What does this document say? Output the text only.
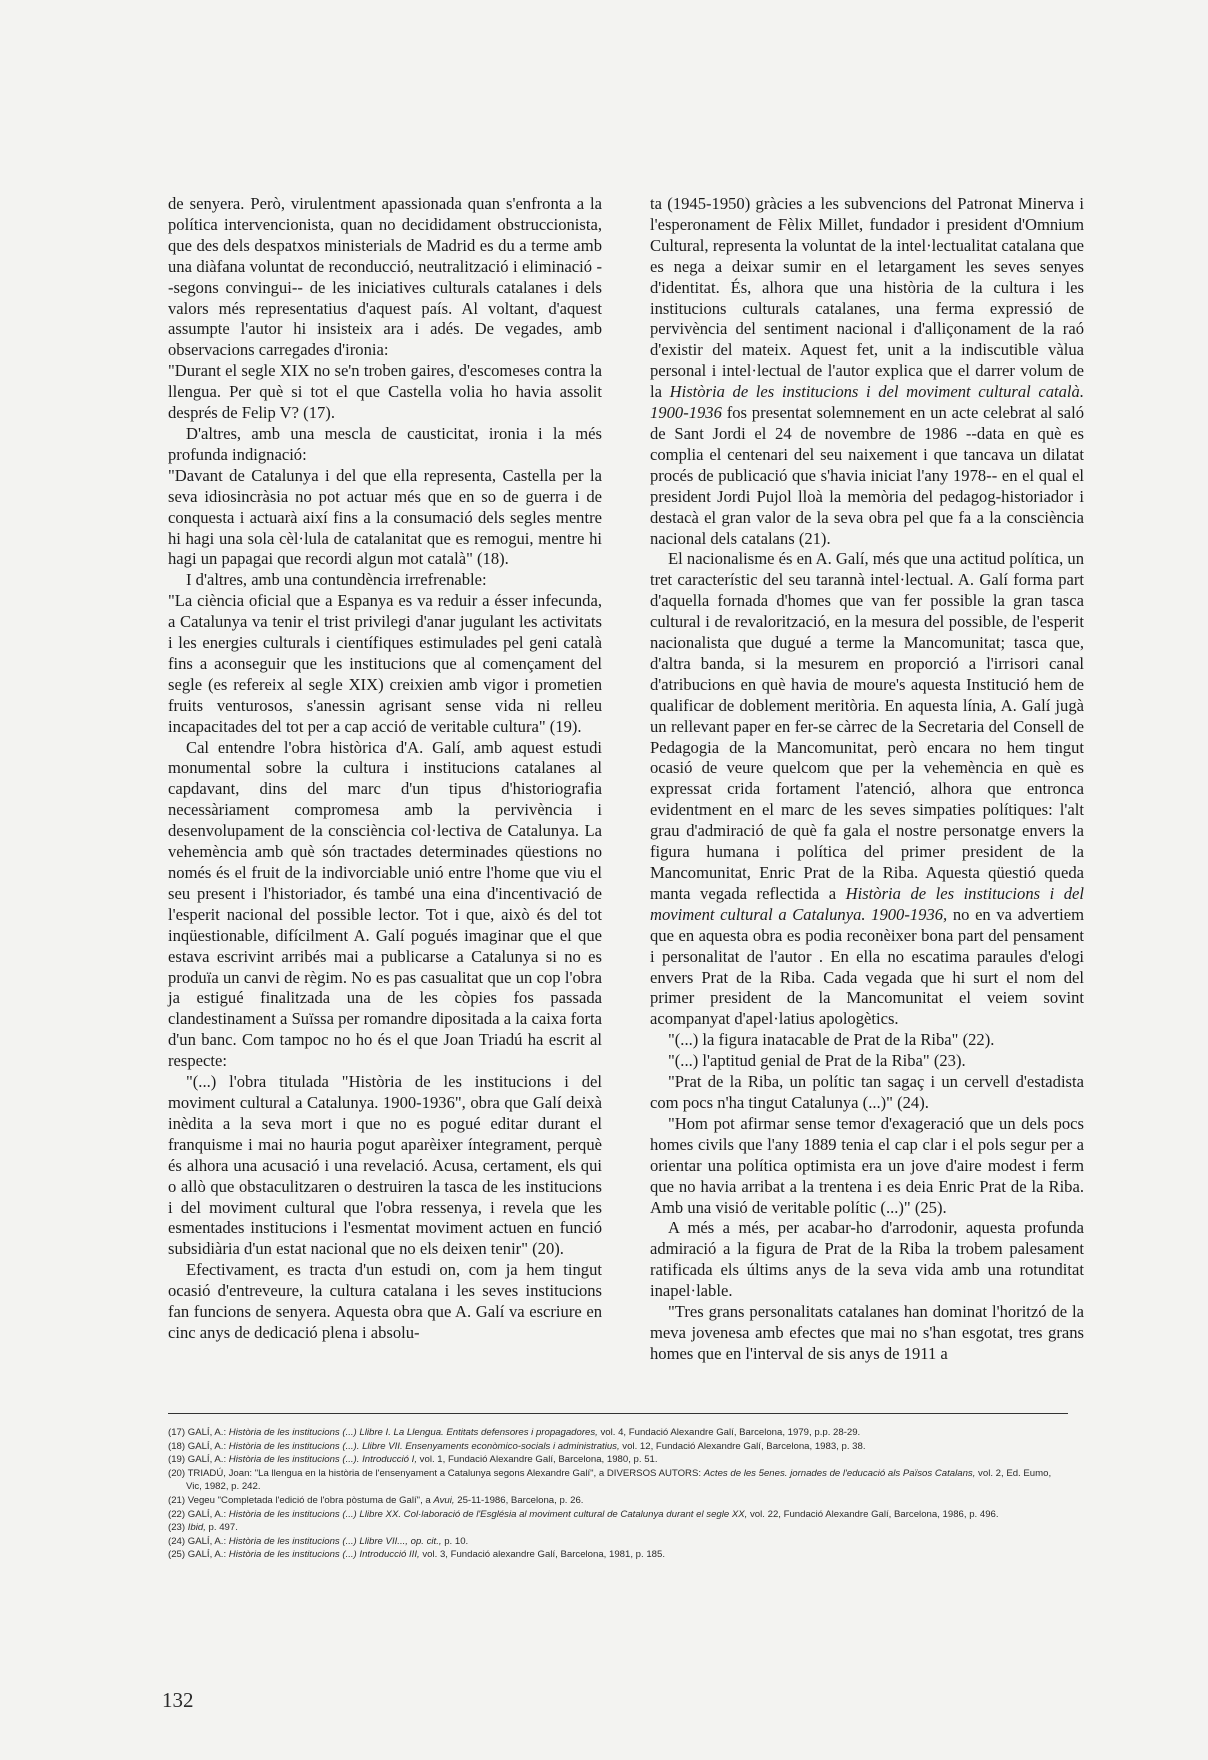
de senyera. Però, virulentment apassionada quan s'enfronta a la política intervencionista, quan no decididament obstruccionista, que des dels despatxos ministerials de Madrid es du a terme amb una diàfana voluntat de reconducció, neutralització i eliminació --segons convingui-- de les iniciatives culturals catalanes i dels valors més representatius d'aquest país. Al voltant, d'aquest assumpte l'autor hi insisteix ara i adés. De vegades, amb observacions carregades d'ironia:

"Durant el segle XIX no se'n troben gaires, d'escomeses contra la llengua. Per què si tot el que Castella volia ho havia assolit després de Felip V? (17).

D'altres, amb una mescla de causticitat, ironia i la més profunda indignació:

"Davant de Catalunya i del que ella representa, Castella per la seva idiosincràsia no pot actuar més que en so de guerra i de conquesta i actuarà així fins a la consumació dels segles mentre hi hagi una sola cèl·lula de catalanitat que es remogui, mentre hi hagi un papagai que recordi algun mot català" (18).

I d'altres, amb una contundència irrefrenable:

"La ciència oficial que a Espanya es va reduir a ésser infecunda, a Catalunya va tenir el trist privilegi d'anar jugulant les activitats i les energies culturals i científiques estimulades pel geni català fins a aconseguir que les institucions que al començament del segle (es refereix al segle XIX) creixien amb vigor i prometien fruits venturosos, s'anessin agrisant sense vida ni relleu incapacitades del tot per a cap acció de veritable cultura" (19).

Cal entendre l'obra històrica d'A. Galí, amb aquest estudi monumental sobre la cultura i institucions catalanes al capdavant, dins del marc d'un tipus d'historiografia necessàriament compromesa amb la pervivència i desenvolupament de la consciència col·lectiva de Catalunya. La vehemència amb què són tractades determinades qüestions no només és el fruit de la indivorciable unió entre l'home que viu el seu present i l'historiador, és també una eina d'incentivació de l'esperit nacional del possible lector. Tot i que, això és del tot inqüestionable, difícilment A. Galí pogués imaginar que el que estava escrivint arribés mai a publicarse a Catalunya si no es produïa un canvi de règim. No es pas casualitat que un cop l'obra ja estigué finalitzada una de les còpies fos passada clandestinament a Suïssa per romandre dipositada a la caixa forta d'un banc. Com tampoc no ho és el que Joan Triadú ha escrit al respecte:

"(...) l'obra titulada "Història de les institucions i del moviment cultural a Catalunya. 1900-1936", obra que Galí deixà inèdita a la seva mort i que no es pogué editar durant el franquisme i mai no hauria pogut aparèixer íntegrament, perquè és alhora una acusació i una revelació. Acusa, certament, els qui o allò que obstaculitzaren o destruiren la tasca de les institucions i del moviment cultural que l'obra ressenya, i revela que les esmentades institucions i l'esmentat moviment actuen en funció subsidiària d'un estat nacional que no els deixen tenir" (20).

Efectivament, es tracta d'un estudi on, com ja hem tingut ocasió d'entreveure, la cultura catalana i les seves institucions fan funcions de senyera. Aquesta obra que A. Galí va escriure en cinc anys de dedicació plena i absolu-

ta (1945-1950) gràcies a les subvencions del Patronat Minerva i l'esperonament de Fèlix Millet, fundador i president d'Omnium Cultural, representa la voluntat de la intel·lectualitat catalana que es nega a deixar sumir en el letargament les seves senyes d'identitat. És, alhora que una història de la cultura i les institucions culturals catalanes, una ferma expressió de pervivència del sentiment nacional i d'alliçonament de la raó d'existir del mateix. Aquest fet, unit a la indiscutible vàlua personal i intel·lectual de l'autor explica que el darrer volum de la Història de les institucions i del moviment cultural català. 1900-1936 fos presentat solemnement en un acte celebrat al saló de Sant Jordi el 24 de novembre de 1986 --data en què es complia el centenari del seu naixement i que tancava un dilatat procés de publicació que s'havia iniciat l'any 1978-- en el qual el president Jordi Pujol lloà la memòria del pedagog-historiador i destacà el gran valor de la seva obra pel que fa a la consciència nacional dels catalans (21).

El nacionalisme és en A. Galí, més que una actitud política, un tret característic del seu tarannà intel·lectual. A. Galí forma part d'aquella fornada d'homes que van fer possible la gran tasca cultural i de revalorització, en la mesura del possible, de l'esperit nacionalista que dugué a terme la Mancomunitat; tasca que, d'altra banda, si la mesurem en proporció a l'irrisori canal d'atribucions en què havia de moure's aquesta Institució hem de qualificar de doblement meritòria. En aquesta línia, A. Galí jugà un rellevant paper en fer-se càrrec de la Secretaria del Consell de Pedagogia de la Mancomunitat, però encara no hem tingut ocasió de veure quelcom que per la vehemència en què es expressat crida fortament l'atenció, alhora que entronca evidentment en el marc de les seves simpaties polítiques: l'alt grau d'admiració de què fa gala el nostre personatge envers la figura humana i política del primer president de la Mancomunitat, Enric Prat de la Riba. Aquesta qüestió queda manta vegada reflectida a Història de les institucions i del moviment cultural a Catalunya. 1900-1936, no en va advertiem que en aquesta obra es podia reconèixer bona part del pensament i personalitat de l'autor . En ella no escatima paraules d'elogi envers Prat de la Riba. Cada vegada que hi surt el nom del primer president de la Mancomunitat el veiem sovint acompanyat d'apel·latius apologètics.

"(...) la figura inatacable de Prat de la Riba" (22).

"(...) l'aptitud genial de Prat de la Riba" (23).

"Prat de la Riba, un polític tan sagaç i un cervell d'estadista com pocs n'ha tingut Catalunya (...)" (24).

"Hom pot afirmar sense temor d'exageració que un dels pocs homes civils que l'any 1889 tenia el cap clar i el pols segur per a orientar una política optimista era un jove d'aire modest i ferm que no havia arribat a la trentena i es deia Enric Prat de la Riba. Amb una visió de veritable polític (...)" (25).

A més a més, per acabar-ho d'arrodonir, aquesta profunda admiració a la figura de Prat de la Riba la trobem palesament ratificada els últims anys de la seva vida amb una rotunditat inapel·lable.

"Tres grans personalitats catalanes han dominat l'horitzó de la meva jovenesa amb efectes que mai no s'han esgotat, tres grans homes que en l'interval de sis anys de 1911 a

(17) GALÍ, A.: Història de les institucions (...) Llibre I. La Llengua. Entitats defensores i propagadores, vol. 4, Fundació Alexandre Galí, Barcelona, 1979, p.p. 28-29.
(18) GALÍ, A.: Història de les institucions (...). Llibre VII. Ensenyaments econòmico-socials i administratius, vol. 12, Fundació Alexandre Galí, Barcelona, 1983, p. 38.
(19) GALÍ, A.: Història de les institucions (...). Introducció I, vol. 1, Fundació Alexandre Galí, Barcelona, 1980, p. 51.
(20) TRIADÚ, Joan: "La llengua en la història de l'ensenyament a Catalunya segons Alexandre Galí", a DIVERSOS AUTORS: Actes de les 5enes. jornades de l'educació als Països Catalans, vol. 2, Ed. Eumo, Vic, 1982, p. 242.
(21) Vegeu "Completada l'edició de l'obra pòstuma de Galí", a Avui, 25-11-1986, Barcelona, p. 26.
(22) GALÍ, A.: Història de les institucions (...) Llibre XX. Col·laboració de l'Església al moviment cultural de Catalunya durant el segle XX, vol. 22, Fundació Alexandre Galí, Barcelona, 1986, p. 496.
(23) Ibid, p. 497.
(24) GALÍ, A.: Història de les institucions (...) Llibre VII..., op. cit., p. 10.
(25) GALÍ, A.: Història de les institucions (...) Introducció III, vol. 3, Fundació alexandre Galí, Barcelona, 1981, p. 185.
132
